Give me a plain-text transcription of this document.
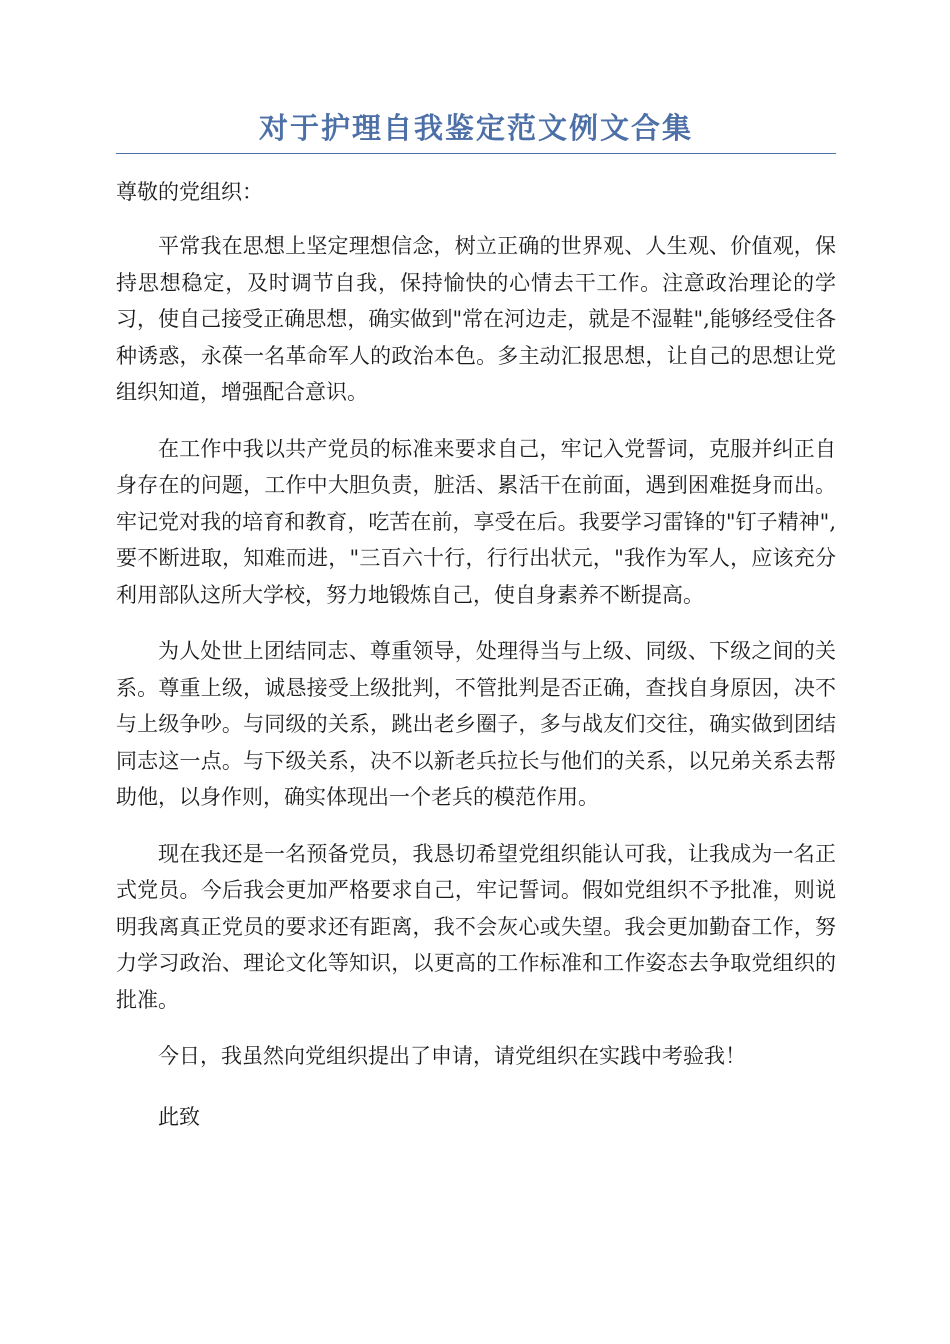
对于护理自我鉴定范文例文合集

尊敬的党组织：

平常我在思想上坚定理想信念，树立正确的世界观、人生观、价值观，保持思想稳定，及时调节自我，保持愉快的心情去干工作。注意政治理论的学习，使自己接受正确思想，确实做到"常在河边走，就是不湿鞋",能够经受住各种诱惑，永葆一名革命军人的政治本色。多主动汇报思想，让自己的思想让党组织知道，增强配合意识。

在工作中我以共产党员的标准来要求自己，牢记入党誓词，克服并纠正自身存在的问题，工作中大胆负责，脏活、累活干在前面，遇到困难挺身而出。牢记党对我的培育和教育，吃苦在前，享受在后。我要学习雷锋的"钉子精神",要不断进取，知难而进，"三百六十行，行行出状元，"我作为军人，应该充分利用部队这所大学校，努力地锻炼自己，使自身素养不断提高。

为人处世上团结同志、尊重领导，处理得当与上级、同级、下级之间的关系。尊重上级，诚恳接受上级批判，不管批判是否正确，查找自身原因，决不与上级争吵。与同级的关系，跳出老乡圈子，多与战友们交往，确实做到团结同志这一点。与下级关系，决不以新老兵拉长与他们的关系，以兄弟关系去帮助他，以身作则，确实体现出一个老兵的模范作用。

现在我还是一名预备党员，我恳切希望党组织能认可我，让我成为一名正式党员。今后我会更加严格要求自己，牢记誓词。假如党组织不予批准，则说明我离真正党员的要求还有距离，我不会灰心或失望。我会更加勤奋工作，努力学习政治、理论文化等知识，以更高的工作标准和工作姿态去争取党组织的批准。

今日，我虽然向党组织提出了申请，请党组织在实践中考验我！

此致
